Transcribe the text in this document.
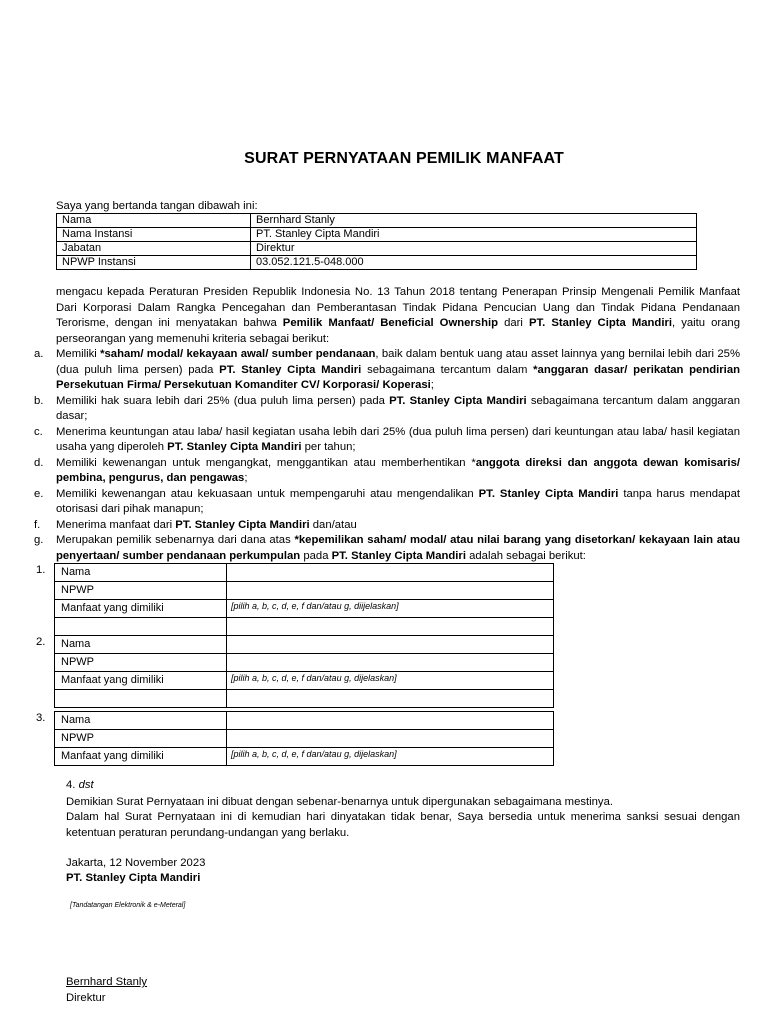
SURAT PERNYATAAN PEMILIK MANFAAT
Saya yang bertanda tangan dibawah ini:
Nama	Bernhard Stanly
Nama Instansi	PT. Stanley Cipta Mandiri
Jabatan	Direktur
NPWP Instansi	03.052.121.5-048.000
mengacu kepada Peraturan Presiden Republik Indonesia No. 13 Tahun 2018 tentang Penerapan Prinsip Mengenali Pemilik Manfaat Dari Korporasi Dalam Rangka Pencegahan dan Pemberantasan Tindak Pidana Pencucian Uang dan Tindak Pidana Pendanaan Terorisme, dengan ini menyatakan bahwa Pemilik Manfaat/ Beneficial Ownership dari PT. Stanley Cipta Mandiri, yaitu orang perseorangan yang memenuhi kriteria sebagai berikut:
a. Memiliki *saham/ modal/ kekayaan awal/ sumber pendanaan, baik dalam bentuk uang atau asset lainnya yang bernilai lebih dari 25% (dua puluh lima persen) pada PT. Stanley Cipta Mandiri sebagaimana tercantum dalam *anggaran dasar/ perikatan pendirian Persekutuan Firma/ Persekutuan Komanditer CV/ Korporasi/ Koperasi;
b. Memiliki hak suara lebih dari 25% (dua puluh lima persen) pada PT. Stanley Cipta Mandiri sebagaimana tercantum dalam anggaran dasar;
c. Menerima keuntungan atau laba/ hasil kegiatan usaha lebih dari 25% (dua puluh lima persen) dari keuntungan atau laba/ hasil kegiatan usaha yang diperoleh PT. Stanley Cipta Mandiri per tahun;
d. Memiliki kewenangan untuk mengangkat, menggantikan atau memberhentikan *anggota direksi dan anggota dewan komisaris/ pembina, pengurus, dan pengawas;
e. Memiliki kewenangan atau kekuasaan untuk mempengaruhi atau mengendalikan PT. Stanley Cipta Mandiri tanpa harus mendapat otorisasi dari pihak manapun;
f. Menerima manfaat dari PT. Stanley Cipta Mandiri dan/atau
g. Merupakan pemilik sebenarnya dari dana atas *kepemilikan saham/ modal/ atau nilai barang yang disetorkan/ kekayaan lain atau penyertaan/ sumber pendanaan perkumpulan pada PT. Stanley Cipta Mandiri adalah sebagai berikut:
1. Nama	
NPWP	
Manfaat yang dimiliki	[pilih a, b, c, d, e, f dan/atau g, diijelaskan]

2. Nama	
NPWP	
Manfaat yang dimiliki	[pilih a, b, c, d, e, f dan/atau g, dijelaskan]

3. Nama	
NPWP	
Manfaat yang dimiliki	[pilih a, b, c, d, e, f dan/atau g, dijelaskan]
4. dst
Demikian Surat Pernyataan ini dibuat dengan sebenar-benarnya untuk dipergunakan sebagaimana mestinya.
Dalam hal Surat Pernyataan ini di kemudian hari dinyatakan tidak benar, Saya bersedia untuk menerima sanksi sesuai dengan ketentuan peraturan perundang-undangan yang berlaku.
Jakarta, 12 November 2023
PT. Stanley Cipta Mandiri
[Tandatangan Elektronik & e-Meteral]
Bernhard Stanly
Direktur
